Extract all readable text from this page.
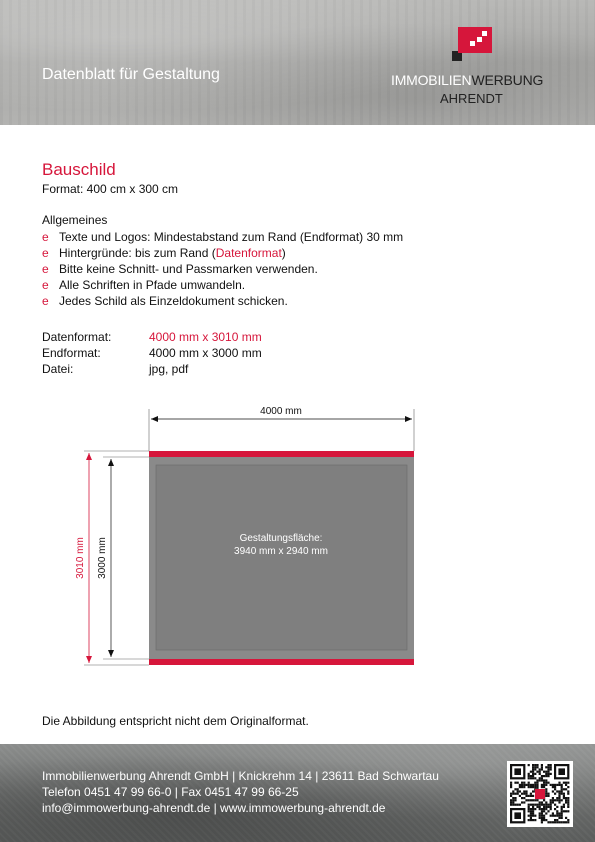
Datenblatt für Gestaltung	IMMOBILIENWERBUNG
AHRENDT
Bauschild
Format: 400 cm x 300 cm
Allgemeines
e Texte und Logos: Mindestabstand zum Rand (Endformat) 30 mm
e Hintergründe: bis zum Rand (Datenformat)
e Bitte keine Schnitt- und Passmarken verwenden.
e Alle Schriften in Pfade umwandeln.
e Jedes Schild als Einzeldokument schicken.
Datenformat:	4000 mm x 3010 mm
Endformat:	4000 mm x 3000 mm
Datei:	jpg, pdf
4000 mm
Gestaltungsfläche:
3940 mm x 2940 mm
3010 mm 3000 mm
Die Abbildung entspricht nicht dem Originalformat.
Immobilienwerbung Ahrendt GmbH | Knickrehm 14 | 23611 Bad Schwartau
Telefon 0451 47 99 66-0 | Fax 0451 47 99 66-25
info@immowerbung-ahrendt.de | www.immowerbung-ahrendt.de
